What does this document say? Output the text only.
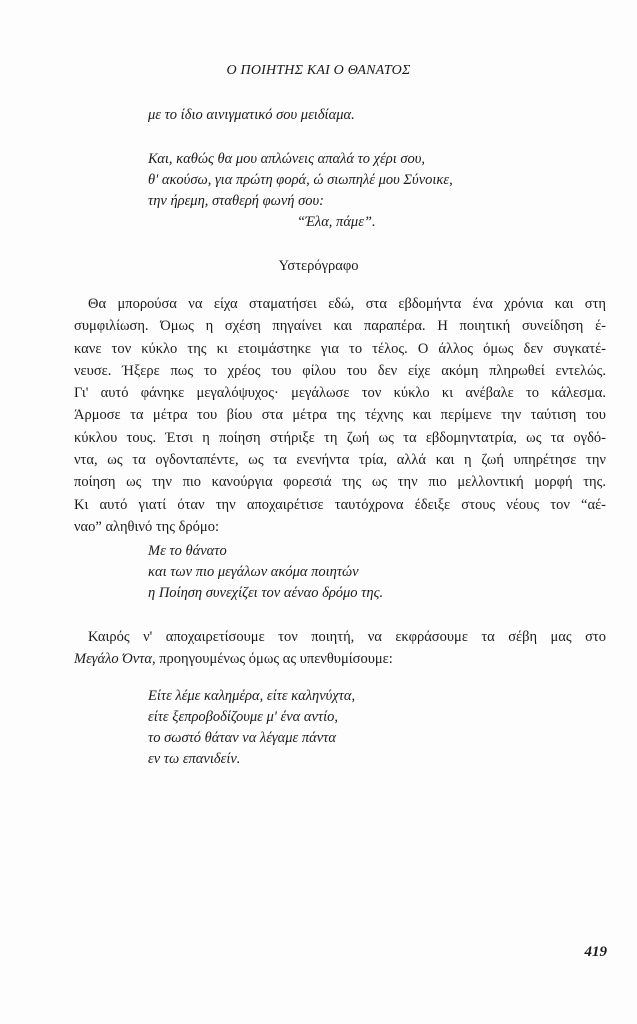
Ο ΠΟΙΗΤΗΣ ΚΑΙ Ο ΘΑΝΑΤΟΣ
με το ίδιο αινιγματικό σου μειδίαμα.
Και, καθώς θα μου απλώνεις απαλά το χέρι σου,
θ' ακούσω, για πρώτη φορά, ώ σιωπηλέ μου Σύνοικε,
την ήρεμη, σταθερή φωνή σου:
“Έλα, πάμε”.
Υστερόγραφο
Θα μπορούσα να είχα σταματήσει εδώ, στα εβδομήντα ένα χρόνια και στη
συμφιλίωση. Όμως η σχέση πηγαίνει και παραπέρα. Η ποιητική συνείδηση έ-
κανε τον κύκλο της κι ετοιμάστηκε για το τέλος. Ο άλλος όμως δεν συγκατέ-
νευσε. Ήξερε πως το χρέος του φίλου του δεν είχε ακόμη πληρωθεί εντελώς.
Γι' αυτό φάνηκε μεγαλόψυχος· μεγάλωσε τον κύκλο κι ανέβαλε το κάλεσμα.
Άρμοσε τα μέτρα του βίου στα μέτρα της τέχνης και περίμενε την ταύτιση του
κύκλου τους. Έτσι η ποίηση στήριξε τη ζωή ως τα εβδομηντατρία, ως τα ογδό-
ντα, ως τα ογδονταπέντε, ως τα ενενήντα τρία, αλλά και η ζωή υπηρέτησε την
ποίηση ως την πιο κανούργια φορεσιά της ως την πιο μελλοντική μορφή της.
Κι αυτό γιατί όταν την αποχαιρέτισε ταυτόχρονα έδειξε στους νέους τον “αέ-
ναο” αληθινό της δρόμο:
Με το θάνατο
και των πιο μεγάλων ακόμα ποιητών
η Ποίηση συνεχίζει τον αέναο δρόμο της.
Καιρός ν' αποχαιρετίσουμε τον ποιητή, να εκφράσουμε τα σέβη μας στο
Μεγάλο Όντα, προηγουμένως όμως ας υπενθυμίσουμε:
Είτε λέμε καλημέρα, είτε καληνύχτα,
είτε ξεπροβοδίζουμε μ' ένα αντίο,
το σωστό θάταν να λέγαμε πάντα
εν τω επανιδείν.
419
